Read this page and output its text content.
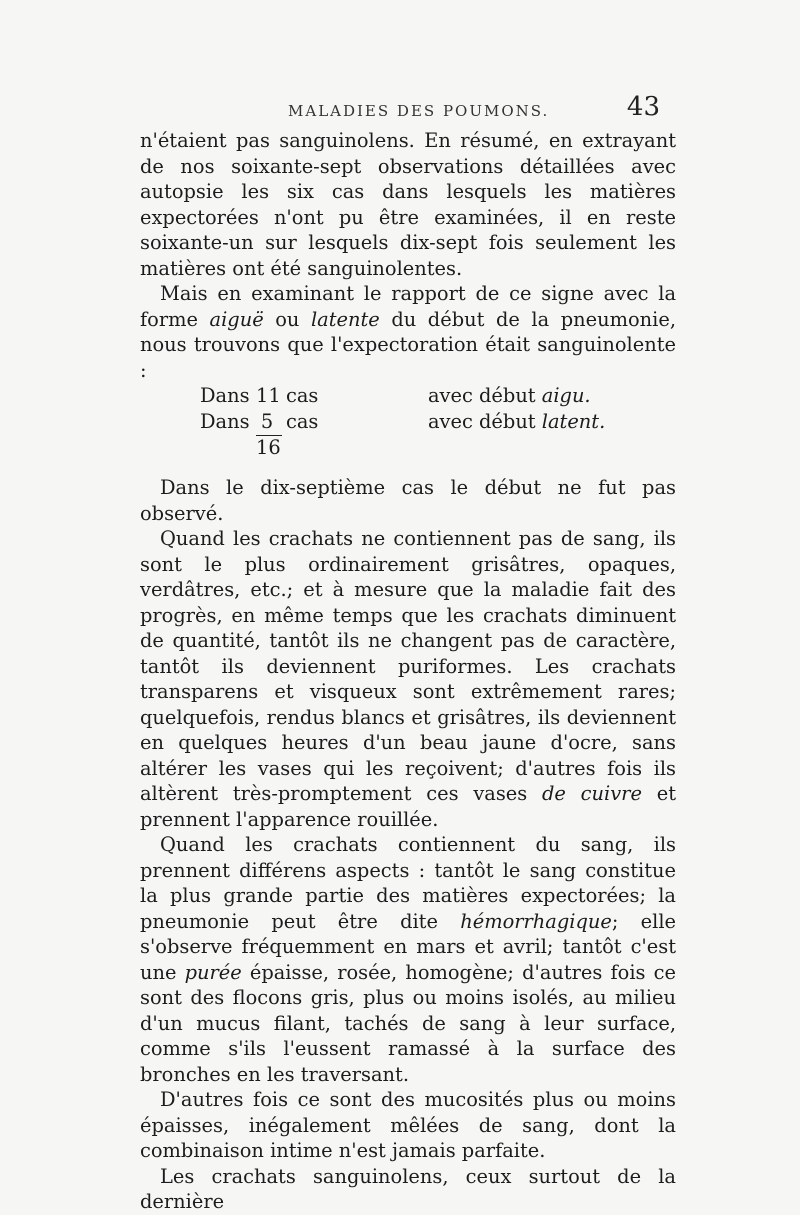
MALADIES DES POUMONS.	43

n'étaient pas sanguinolens. En résumé, en extrayant de nos soixante-sept observations détaillées avec autopsie les six cas dans lesquels les matières expectorées n'ont pu être examinées, il en reste soixante-un sur lesquels dix-sept fois seulement les matières ont été sanguinolentes.

Mais en examinant le rapport de ce signe avec la forme aiguë ou latente du début de la pneumonie, nous trouvons que l'expectoration était sanguinolente :

Dans 11 cas	avec début aigu.
Dans 5 cas	avec début latent.
16

Dans le dix-septième cas le début ne fut pas observé.

Quand les crachats ne contiennent pas de sang, ils sont le plus ordinairement grisâtres, opaques, verdâtres, etc.; et à mesure que la maladie fait des progrès, en même temps que les crachats diminuent de quantité, tantôt ils ne changent pas de caractère, tantôt ils deviennent puriformes. Les crachats transparens et visqueux sont extrêmement rares; quelquefois, rendus blancs et grisâtres, ils deviennent en quelques heures d'un beau jaune d'ocre, sans altérer les vases qui les reçoivent; d'autres fois ils altèrent très-promptement ces vases de cuivre et prennent l'apparence rouillée.

Quand les crachats contiennent du sang, ils prennent différens aspects : tantôt le sang constitue la plus grande partie des matières expectorées; la pneumonie peut être dite hémorrhagique; elle s'observe fréquemment en mars et avril; tantôt c'est une purée épaisse, rosée, homogène; d'autres fois ce sont des flocons gris, plus ou moins isolés, au milieu d'un mucus filant, tachés de sang à leur surface, comme s'ils l'eussent ramassé à la surface des bronches en les traversant.

D'autres fois ce sont des mucosités plus ou moins épaisses, inégalement mêlées de sang, dont la combinaison intime n'est jamais parfaite.

Les crachats sanguinolens, ceux surtout de la dernière
